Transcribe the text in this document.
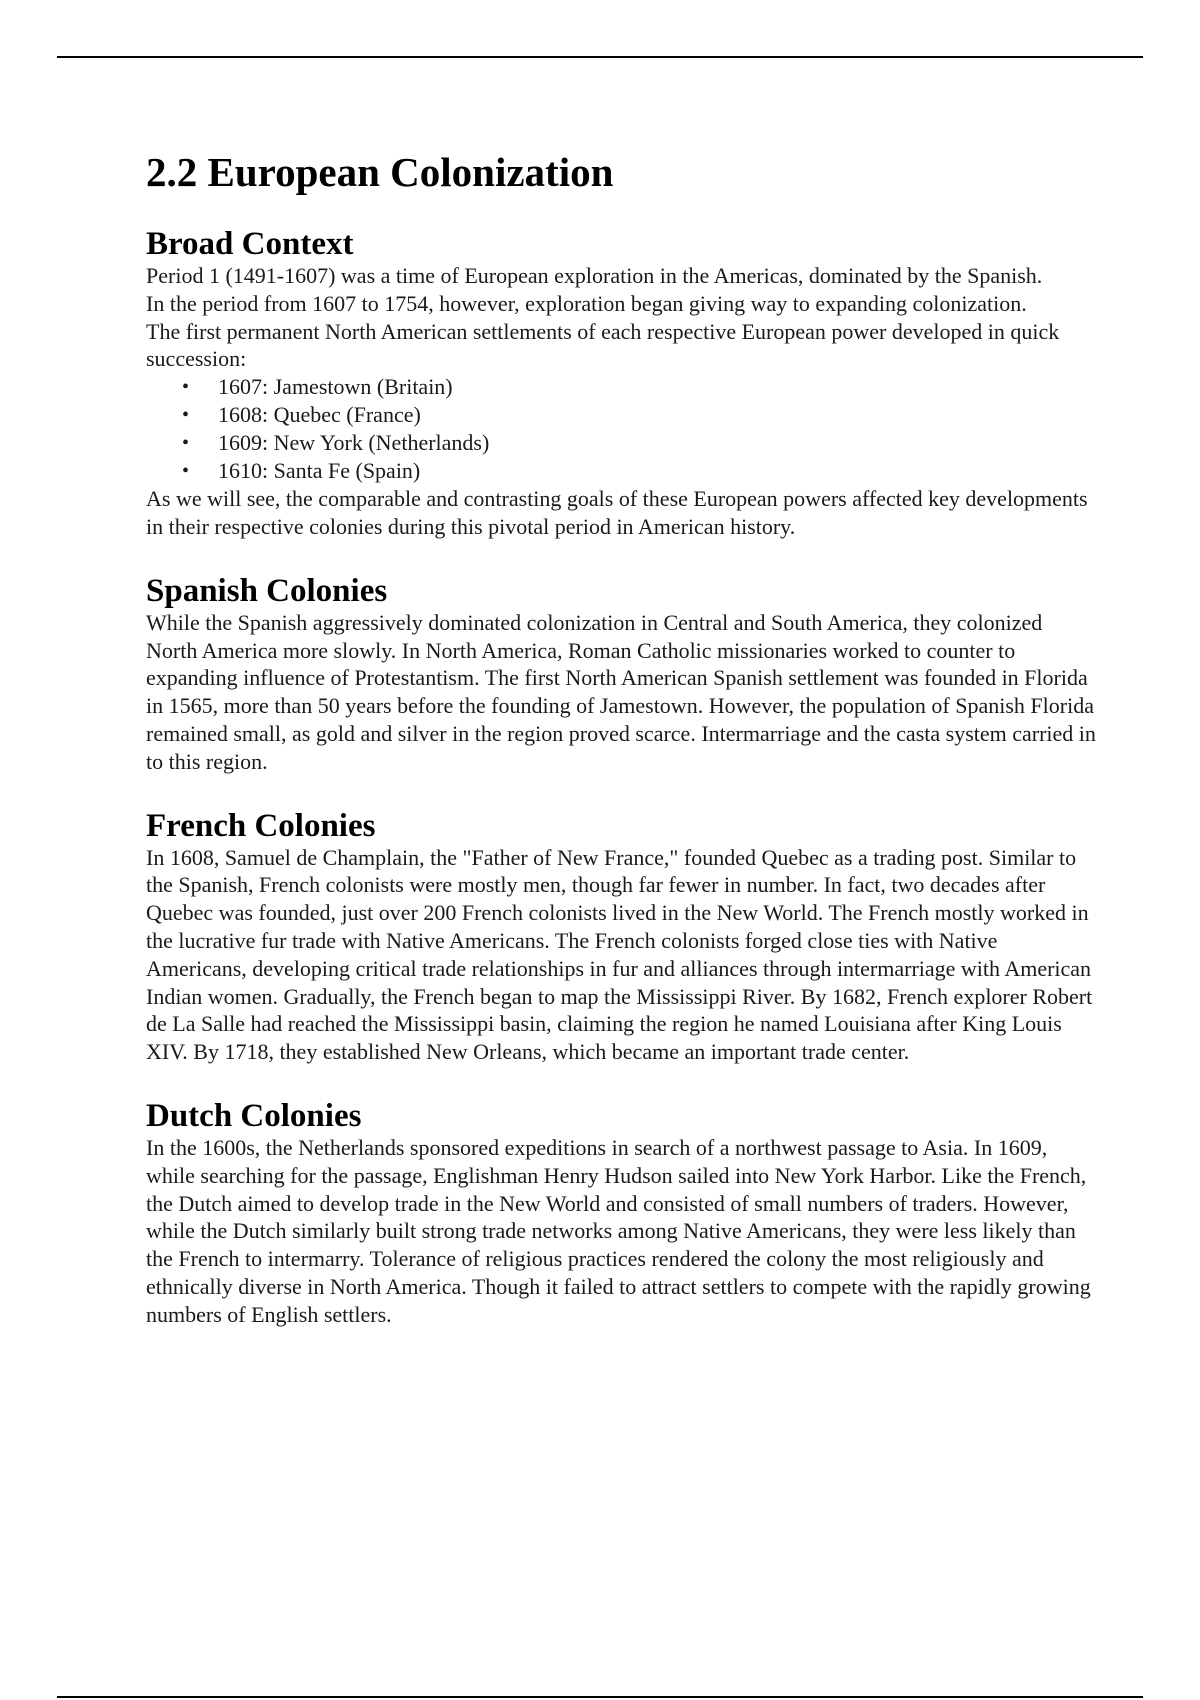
2.2 European Colonization
Broad Context

Period 1 (1491-1607) was a time of European exploration in the Americas, dominated by the Spanish.

In the period from 1607 to 1754, however, exploration began giving way to expanding colonization.

The first permanent North American settlements of each respective European power developed in quick succession:

• 1607: Jamestown (Britain)
• 1608: Quebec (France)
• 1609: New York (Netherlands)
• 1610: Santa Fe (Spain)

As we will see, the comparable and contrasting goals of these European powers affected key developments in their respective colonies during this pivotal period in American history.

Spanish Colonies

While the Spanish aggressively dominated colonization in Central and South America, they colonized North America more slowly. In North America, Roman Catholic missionaries worked to counter to expanding influence of Protestantism. The first North American Spanish settlement was founded in Florida in 1565, more than 50 years before the founding of Jamestown. However, the population of Spanish Florida remained small, as gold and silver in the region proved scarce. Intermarriage and the casta system carried in to this region.

French Colonies

In 1608, Samuel de Champlain, the "Father of New France," founded Quebec as a trading post. Similar to the Spanish, French colonists were mostly men, though far fewer in number. In fact, two decades after Quebec was founded, just over 200 French colonists lived in the New World. The French mostly worked in the lucrative fur trade with Native Americans. The French colonists forged close ties with Native Americans, developing critical trade relationships in fur and alliances through intermarriage with American Indian women. Gradually, the French began to map the Mississippi River. By 1682, French explorer Robert de La Salle had reached the Mississippi basin, claiming the region he named Louisiana after King Louis XIV. By 1718, they established New Orleans, which became an important trade center.

Dutch Colonies

In the 1600s, the Netherlands sponsored expeditions in search of a northwest passage to Asia. In 1609, while searching for the passage, Englishman Henry Hudson sailed into New York Harbor. Like the French, the Dutch aimed to develop trade in the New World and consisted of small numbers of traders. However, while the Dutch similarly built strong trade networks among Native Americans, they were less likely than the French to intermarry. Tolerance of religious practices rendered the colony the most religiously and ethnically diverse in North America. Though it failed to attract settlers to compete with the rapidly growing numbers of English settlers.
